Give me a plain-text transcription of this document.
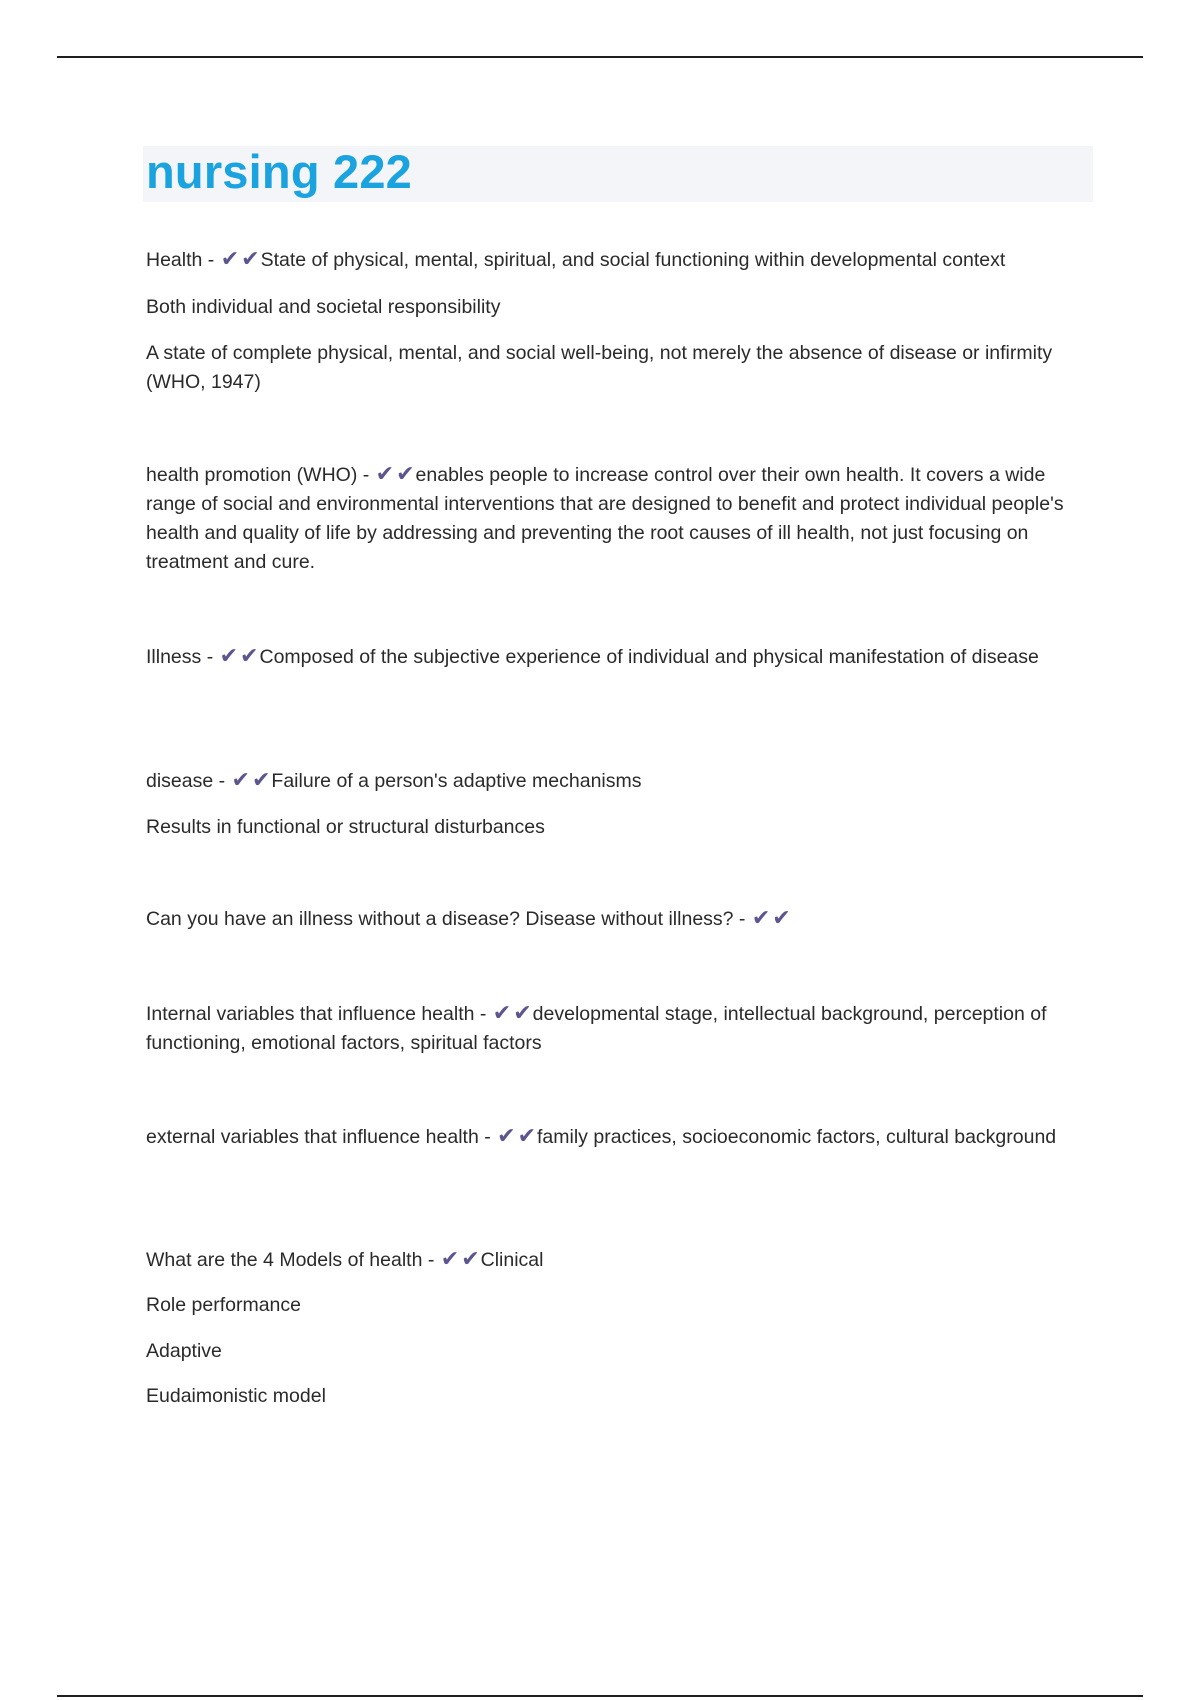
nursing 222
Health - ✔✔State of physical, mental, spiritual, and social functioning within developmental context
Both individual and societal responsibility
A state of complete physical, mental, and social well-being, not merely the absence of disease or infirmity (WHO, 1947)
health promotion (WHO) - ✔✔enables people to increase control over their own health. It covers a wide range of social and environmental interventions that are designed to benefit and protect individual people's health and quality of life by addressing and preventing the root causes of ill health, not just focusing on treatment and cure.
Illness - ✔✔Composed of the subjective experience of individual and physical manifestation of disease
disease - ✔✔Failure of a person's adaptive mechanisms
Results in functional or structural disturbances
Can you have an illness without a disease? Disease without illness? - ✔✔
Internal variables that influence health - ✔✔developmental stage, intellectual background, perception of functioning, emotional factors, spiritual factors
external variables that influence health - ✔✔family practices, socioeconomic factors, cultural background
What are the 4 Models of health - ✔✔Clinical
Role performance
Adaptive
Eudaimonistic model
